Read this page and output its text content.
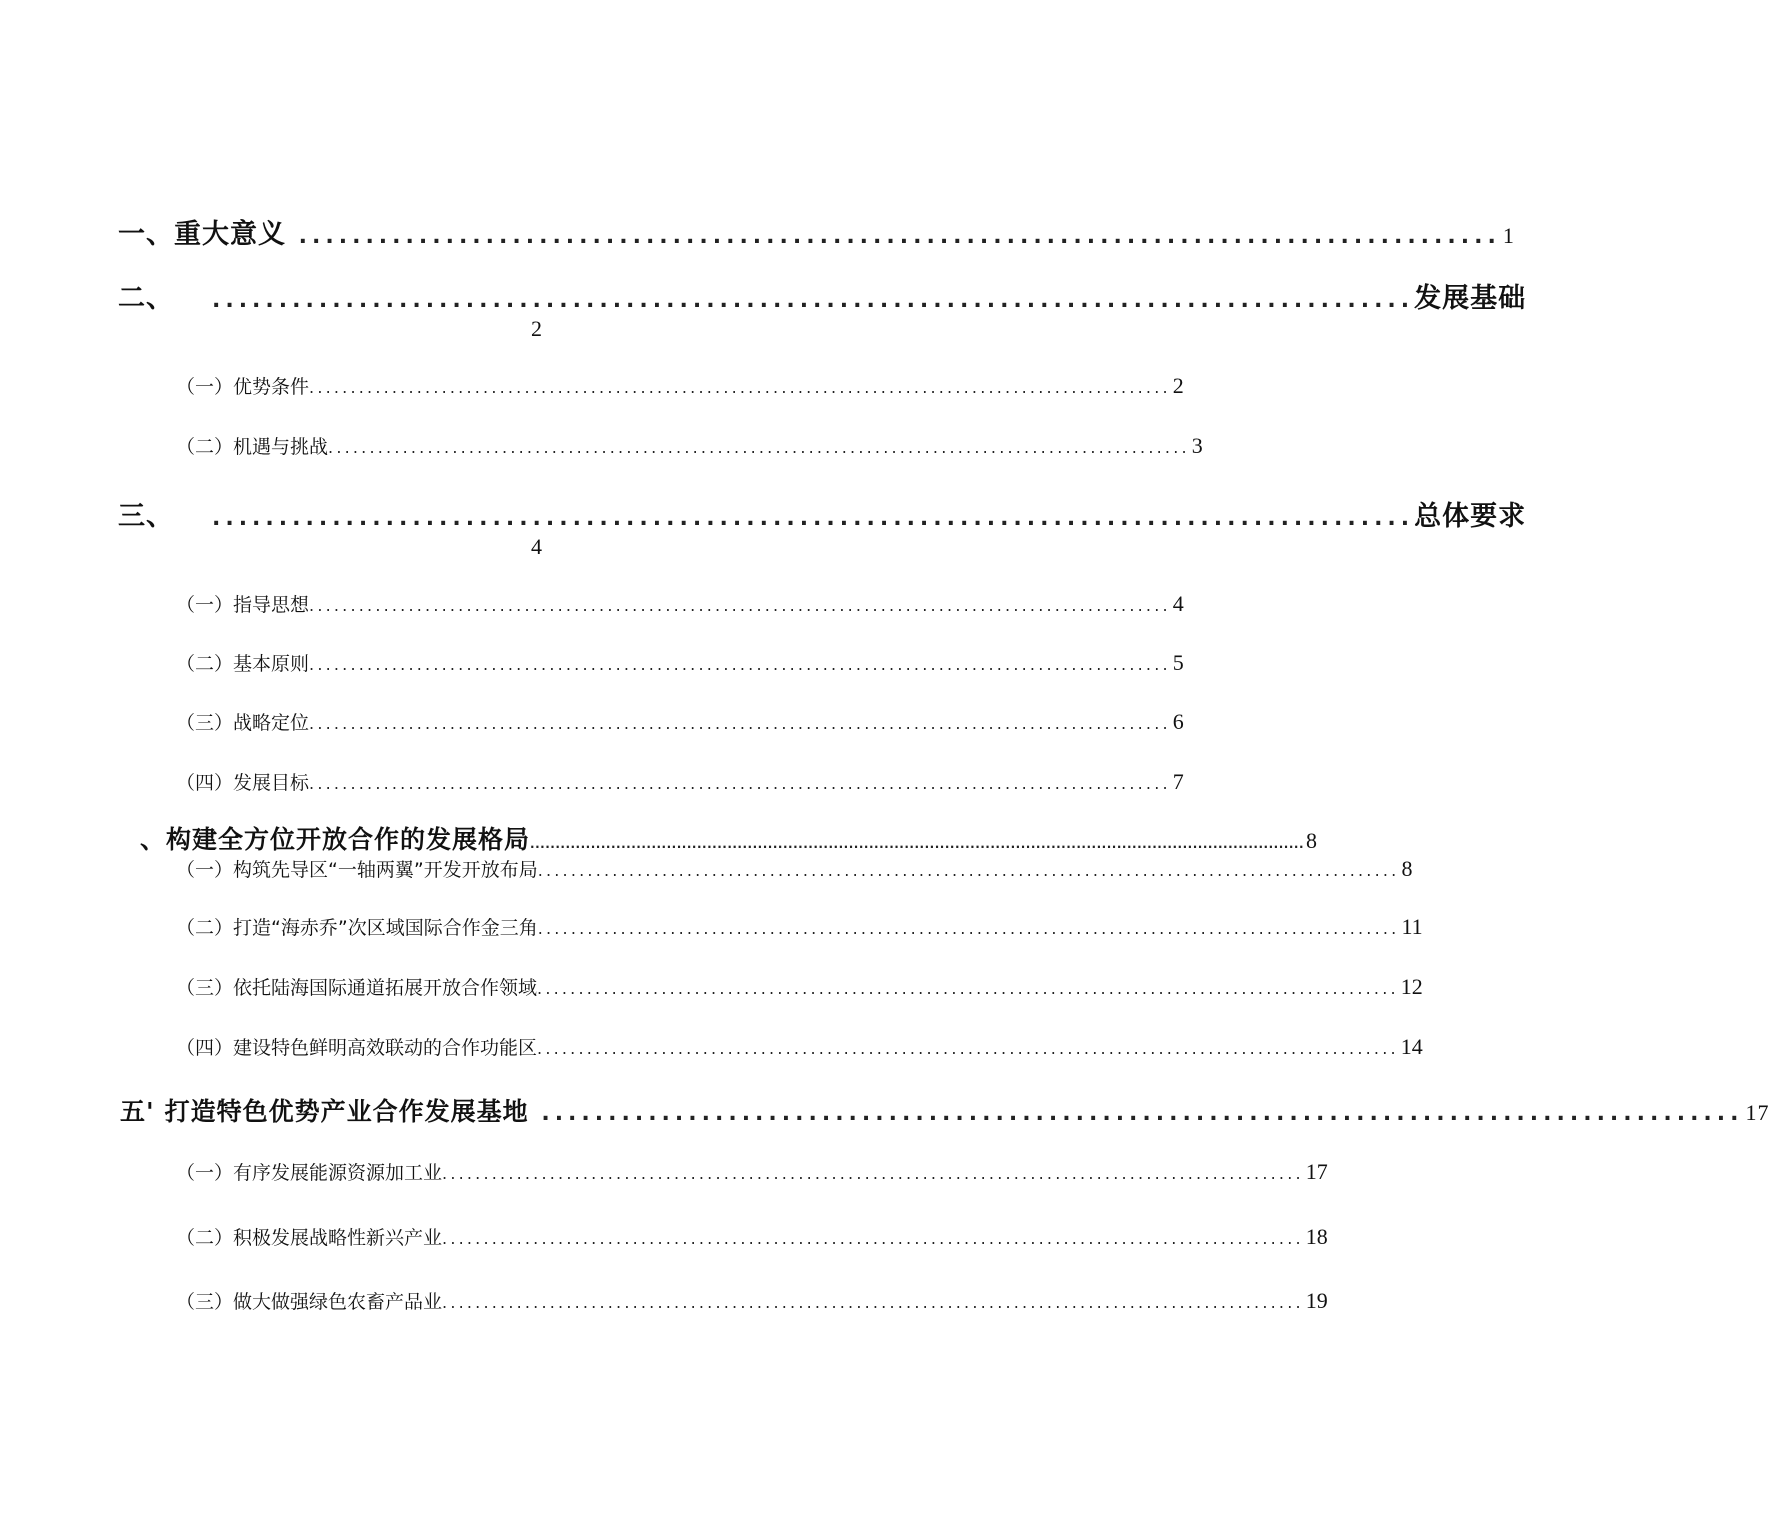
一、 重大意义 .......................................................................................... 1
二、 .......................................................................................... 发展基础
2
（一） 优势条件 ........................................................................................................ 2
（二） 机遇与挑战 ........................................................................................................ 3
三、 .......................................................................................... 总体要求
4
（一） 指导思想 ........................................................................................................ 4
（二） 基本原则 ........................................................................................................ 5
（三） 战略定位 ........................................................................................................ 6
（四） 发展目标 ........................................................................................................ 7
、 构建全方位开放合作的发展格局 ......................................................................................................................................................... 8
（一） 构筑先导区“一轴两翼”开发开放布局 ........................................................................................................ 8
（二） 打造“海赤乔”次区域国际合作金三角 ........................................................................................................ 11
（三） 依托陆海国际通道拓展开放合作领域 ........................................................................................................ 12
（四） 建设特色鲜明高效联动的合作功能区 ........................................................................................................ 14
五' 打造特色优势产业合作发展基地 .......................................................................................... 17
（一） 有序发展能源资源加工业 ........................................................................................................ 17
（二） 积极发展战略性新兴产业 ........................................................................................................ 18
（三） 做大做强绿色农畜产品业 ........................................................................................................ 19
